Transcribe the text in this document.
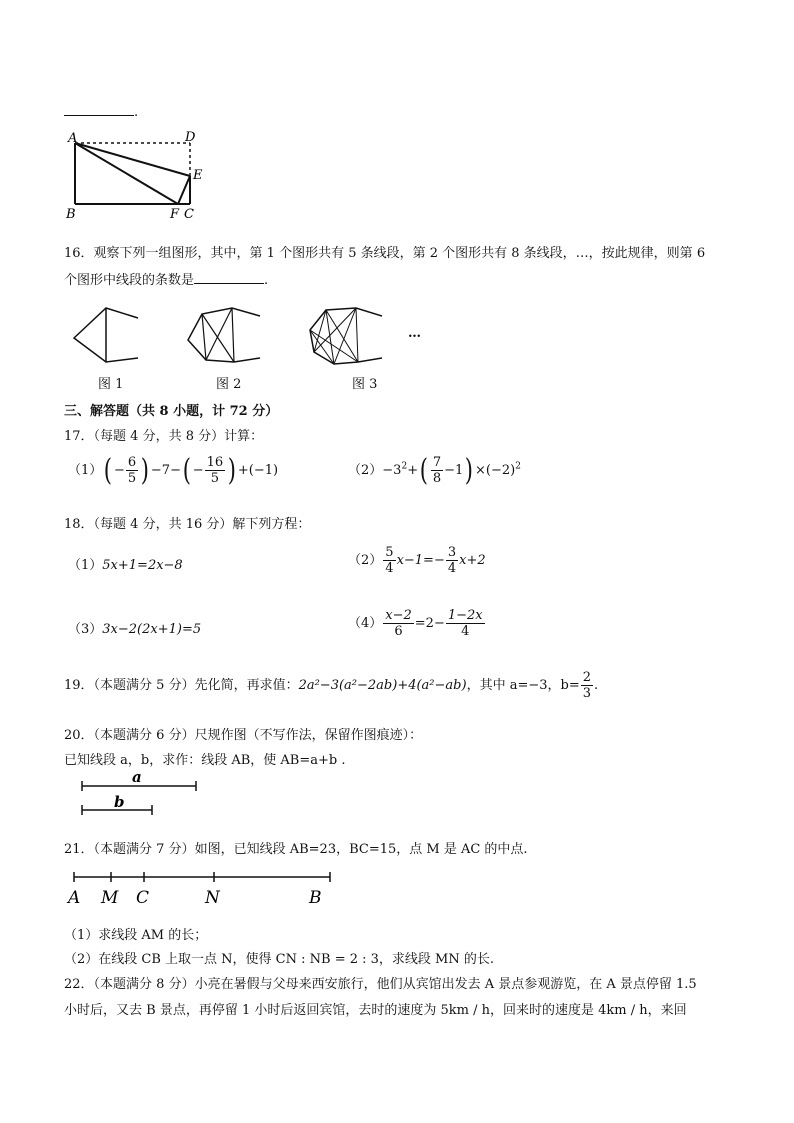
.
A	D
E
B	F C
16．观察下列一组图形，其中，第 1 个图形共有 5 条线段，第 2 个图形共有 8 条线段，…，按此规律，则第 6
个图形中线段的条数是	.
…
图 1	图 2	图 3
三、解答题（共 8 小题，计 72 分）
17．（每题 4 分，共 8 分）计算：
$(1)( - \frac{6}{5}$ ) $-7-( - \frac{16}{5}$ ) +(−1)	$(2)-3^2+( \frac{7}{8} -1) \times(-2)^2$
18．（每题 4 分，共 16 分）解下列方程：
（1）5x+1=2x−8	$(2) \frac{5}{4} x-1=- \frac{3}{4} x+2$
（3）3x−2(2x+1)=5	$(4) \frac{x-2}{6} =2- \frac{1-2x}{4}$
19．（本题满分 5 分）先化简，再求值：2a²−3(a²−2ab)+4(a²−ab)，其中 a=−3，$b= \frac{2}{3}$ .
20．（本题满分 6 分）尺规作图（不写作法，保留作图痕迹）：
已知线段 a，b，求作：线段 AB，使 AB=a+b .
a
b
21．（本题满分 7 分）如图，已知线段 AB=23，BC=15，点 M 是 AC 的中点.
A M C	N	B
（1）求线段 AM 的长；
（2）在线段 CB 上取一点 N，使得 CN : NB = 2 : 3，求线段 MN 的长.
22．（本题满分 8 分）小亮在暑假与父母来西安旅行，他们从宾馆出发去 A 景点参观游览，在 A 景点停留 1.5
小时后，又去 B 景点，再停留 1 小时后返回宾馆，去时的速度为 5km / h，回来时的速度是 4km / h，来回
